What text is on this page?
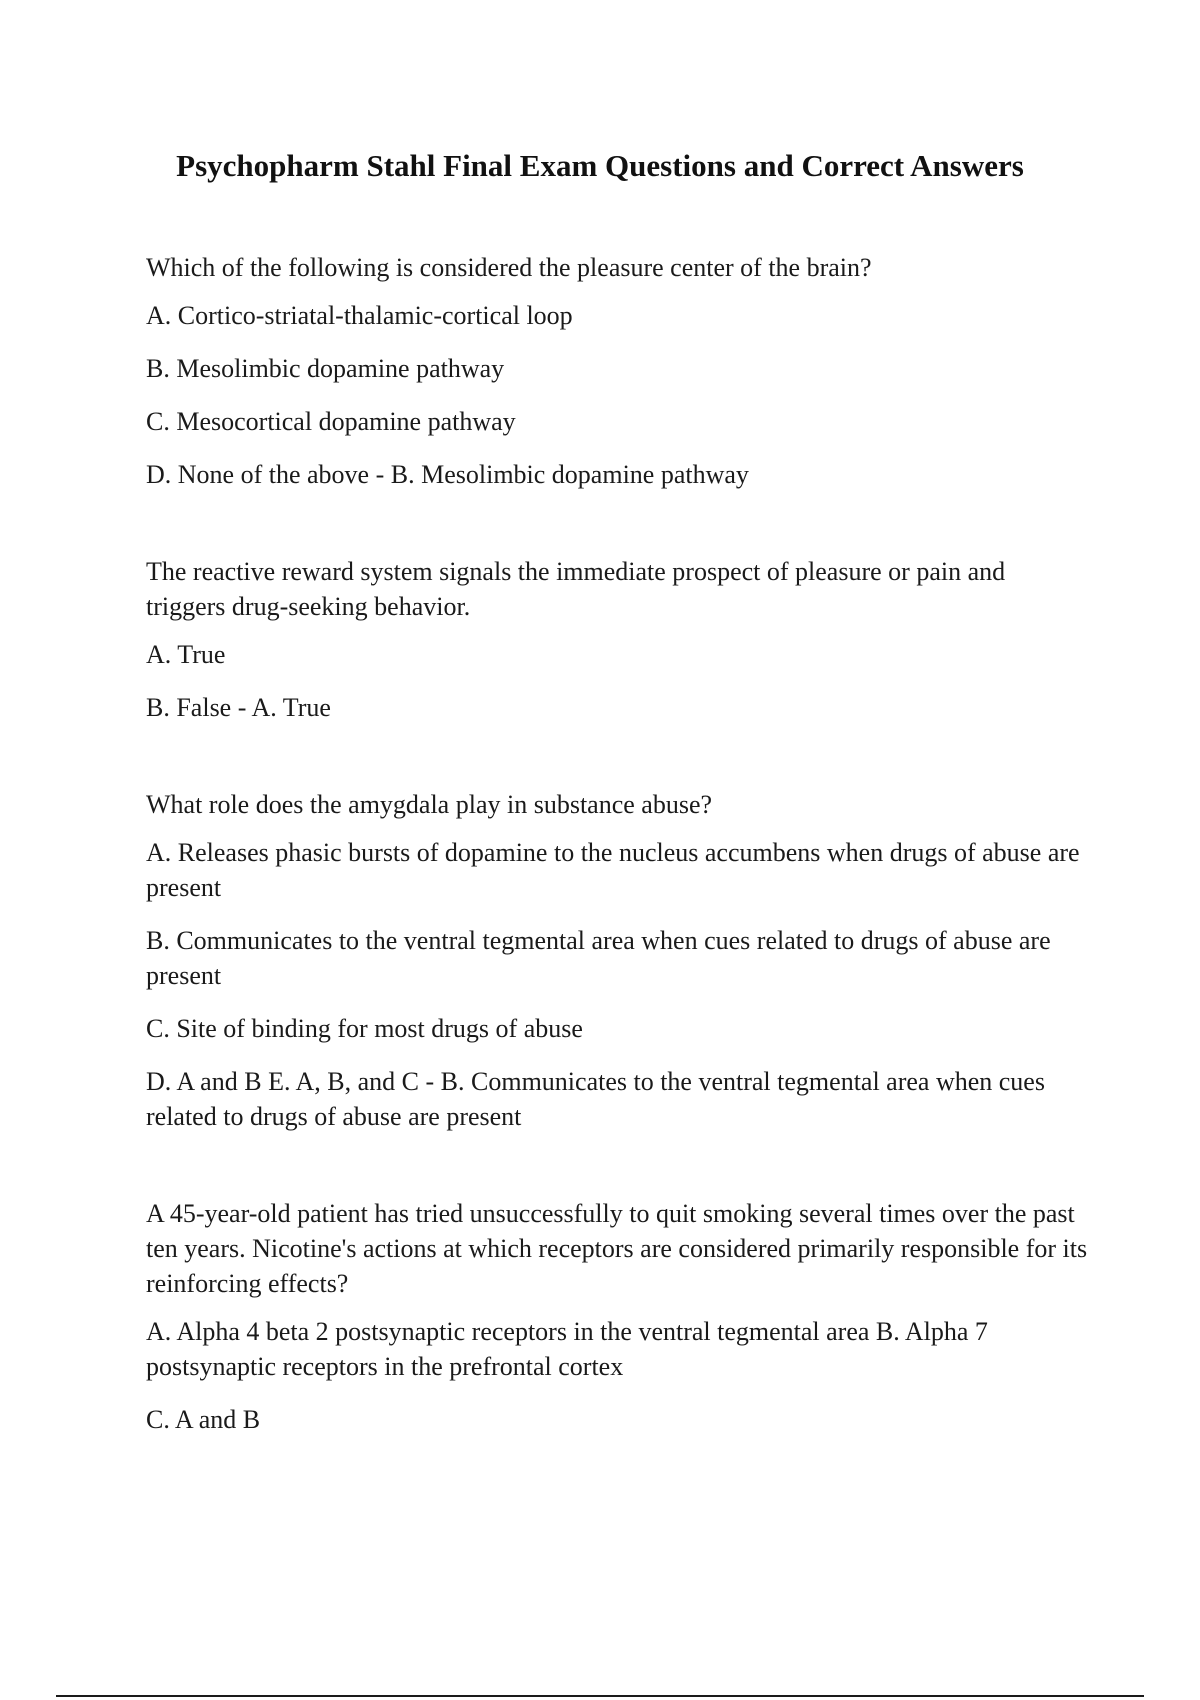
Psychopharm Stahl Final Exam Questions and Correct Answers

Which of the following is considered the pleasure center of the brain?

A. Cortico-striatal-thalamic-cortical loop

B. Mesolimbic dopamine pathway

C. Mesocortical dopamine pathway

D. None of the above - B. Mesolimbic dopamine pathway

The reactive reward system signals the immediate prospect of pleasure or pain and triggers drug-seeking behavior.

A. True

B. False - A. True

What role does the amygdala play in substance abuse?

A. Releases phasic bursts of dopamine to the nucleus accumbens when drugs of abuse are present

B. Communicates to the ventral tegmental area when cues related to drugs of abuse are present

C. Site of binding for most drugs of abuse

D. A and B E. A, B, and C - B. Communicates to the ventral tegmental area when cues related to drugs of abuse are present

A 45-year-old patient has tried unsuccessfully to quit smoking several times over the past ten years. Nicotine's actions at which receptors are considered primarily responsible for its reinforcing effects?

A. Alpha 4 beta 2 postsynaptic receptors in the ventral tegmental area B. Alpha 7 postsynaptic receptors in the prefrontal cortex

C. A and B
